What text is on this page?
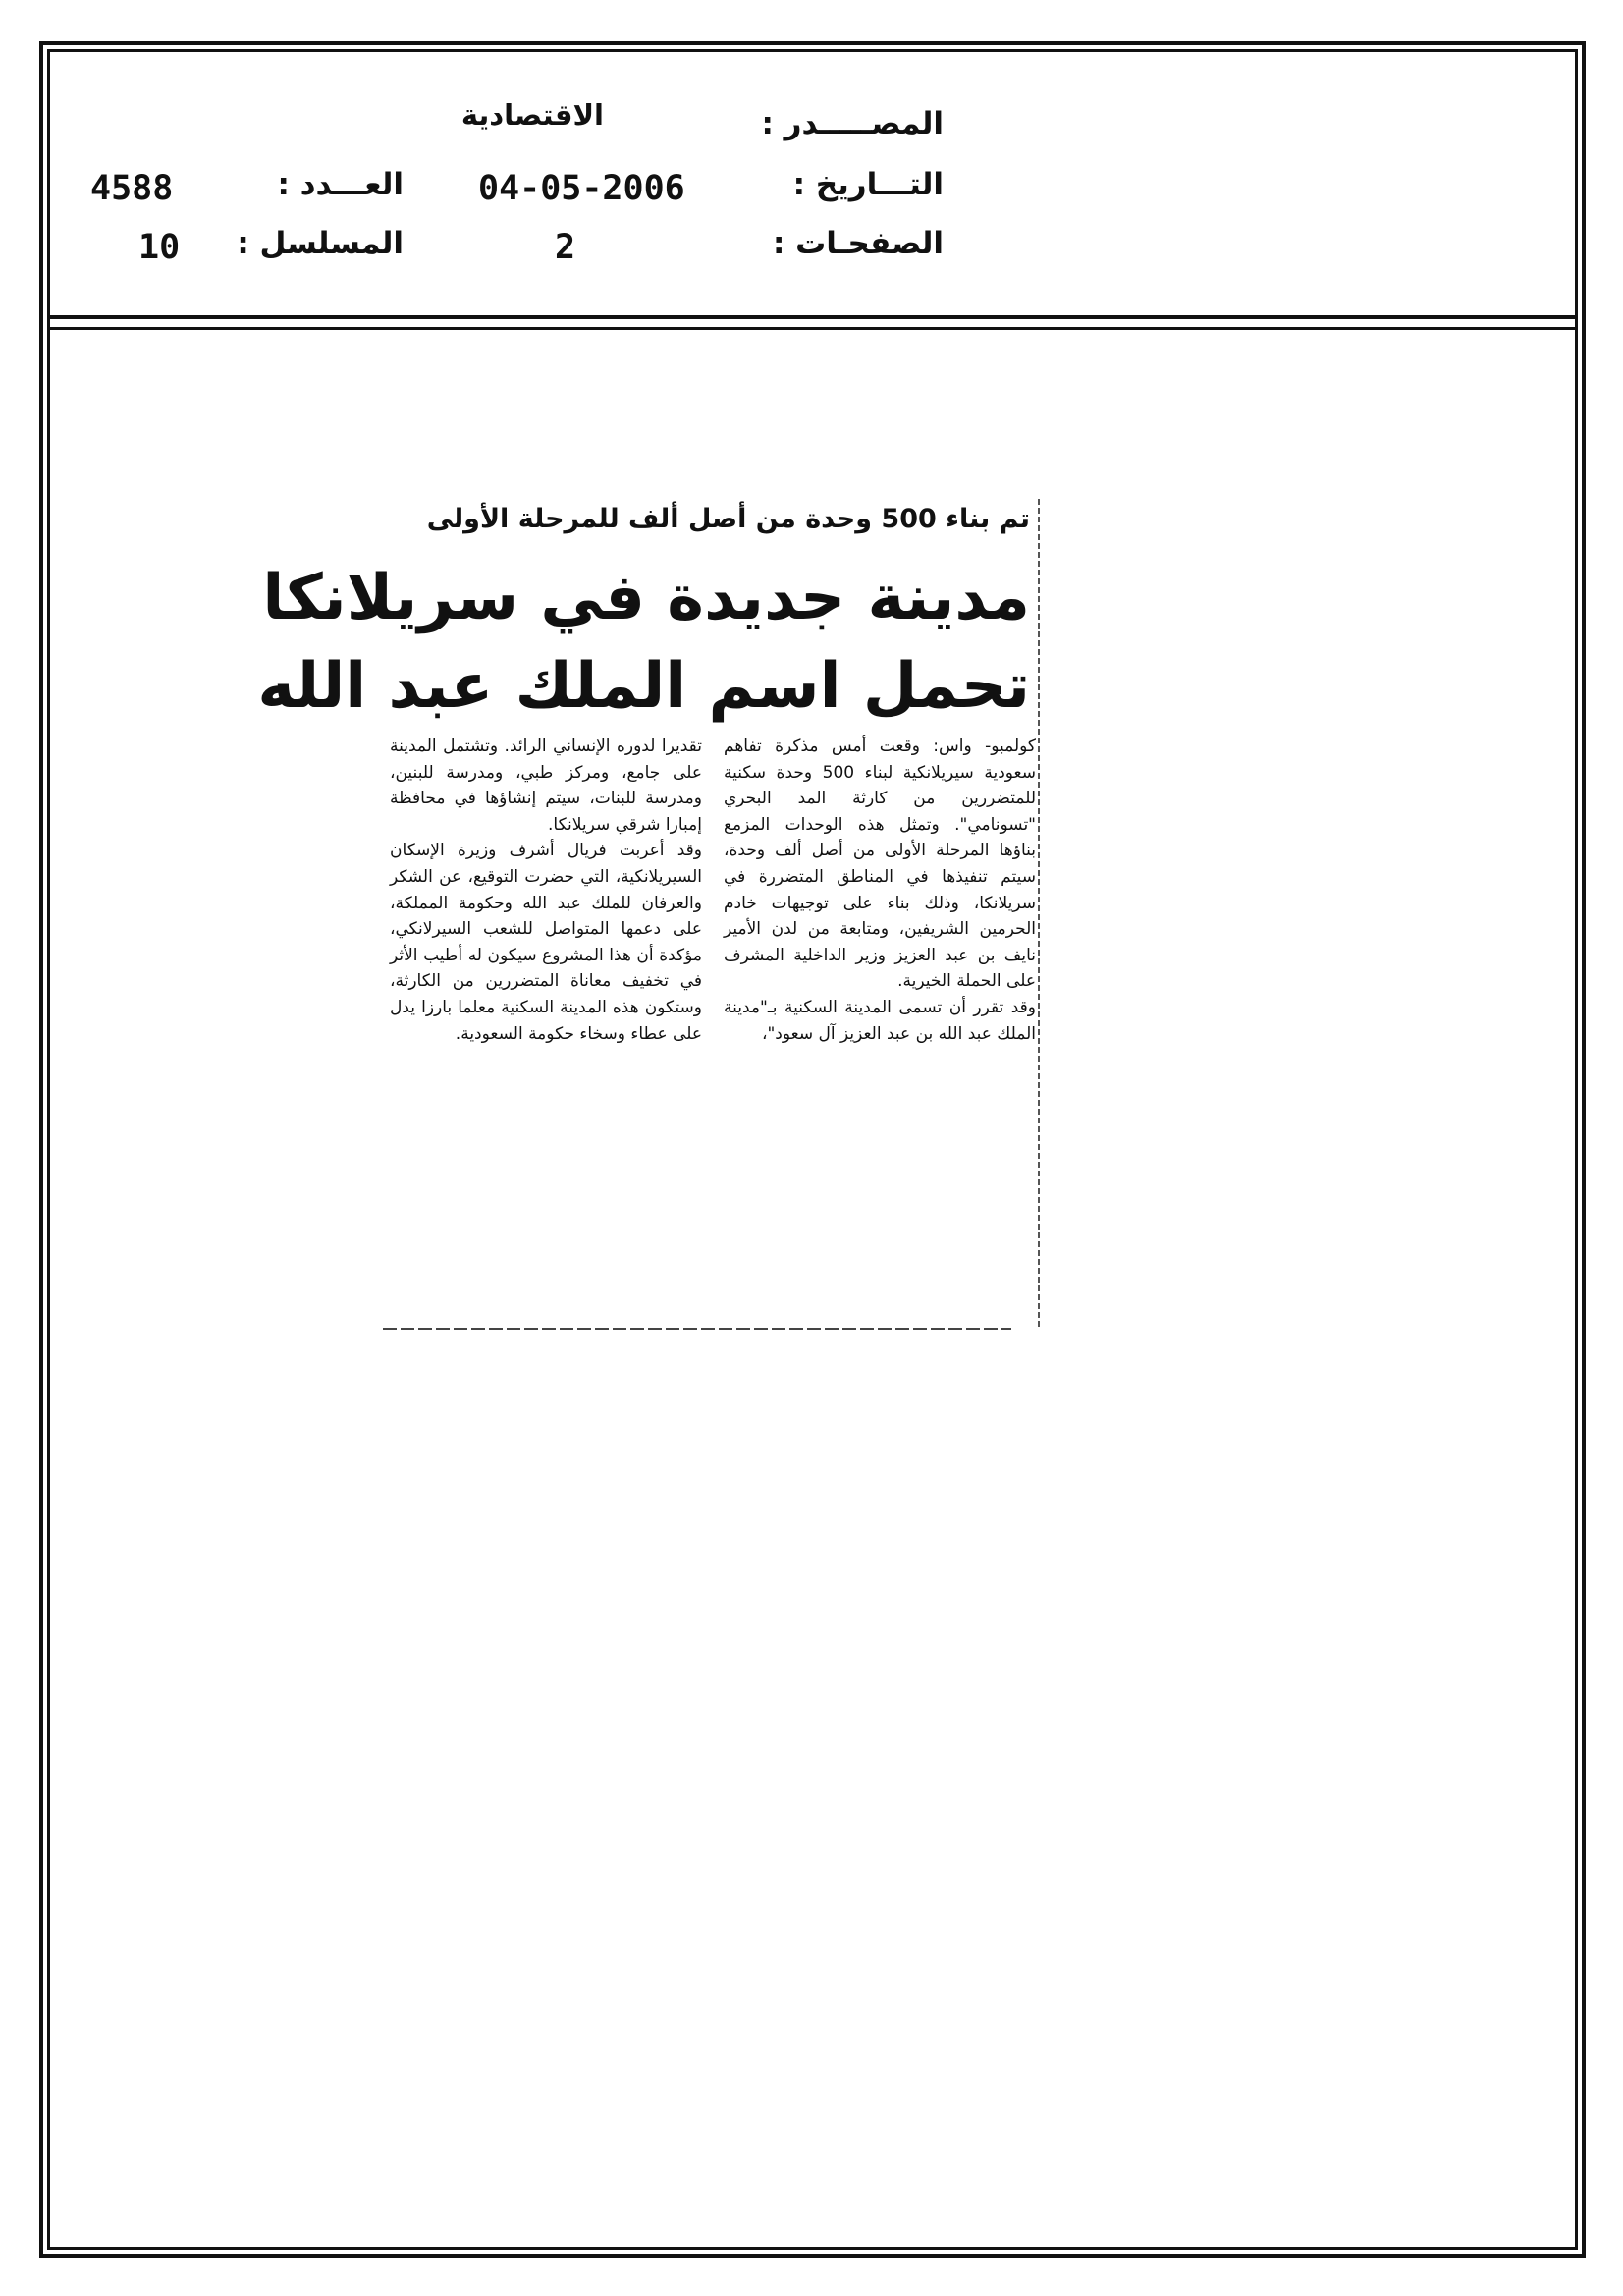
المصـــــدر :
الاقتصادية
التـــاريخ :
04-05-2006
العـــدد :
4588
الصفحـات :
2
المسلسل :
10
تم بناء 500 وحدة من أصل ألف للمرحلة الأولى
مدينة جديدة في سريلانكا
تحمل اسم الملك عبد الله

كولمبو- واس: وقعت أمس مذكرة تفاهم سعودية سيريلانكية لبناء 500 وحدة سكنية للمتضررين من كارثة المد البحري "تسونامي". وتمثل هذه الوحدات المزمع بناؤها المرحلة الأولى من أصل ألف وحدة، سيتم تنفيذها في المناطق المتضررة في سريلانكا، وذلك بناء على توجيهات خادم الحرمين الشريفين، ومتابعة من لدن الأمير نايف بن عبد العزيز وزير الداخلية المشرف على الحملة الخيرية.

وقد تقرر أن تسمى المدينة السكنية بـ"مدينة الملك عبد الله بن عبد العزيز آل سعود"،

تقديرا لدوره الإنساني الرائد. وتشتمل المدينة على جامع، ومركز طبي، ومدرسة للبنين، ومدرسة للبنات، سيتم إنشاؤها في محافظة إمبارا شرقي سريلانكا.

وقد أعربت فريال أشرف وزيرة الإسكان السيريلانكية، التي حضرت التوقيع، عن الشكر والعرفان للملك عبد الله وحكومة المملكة، على دعمها المتواصل للشعب السيرلانكي، مؤكدة أن هذا المشروع سيكون له أطيب الأثر في تخفيف معاناة المتضررين من الكارثة، وستكون هذه المدينة السكنية معلما بارزا يدل على عطاء وسخاء حكومة السعودية.
